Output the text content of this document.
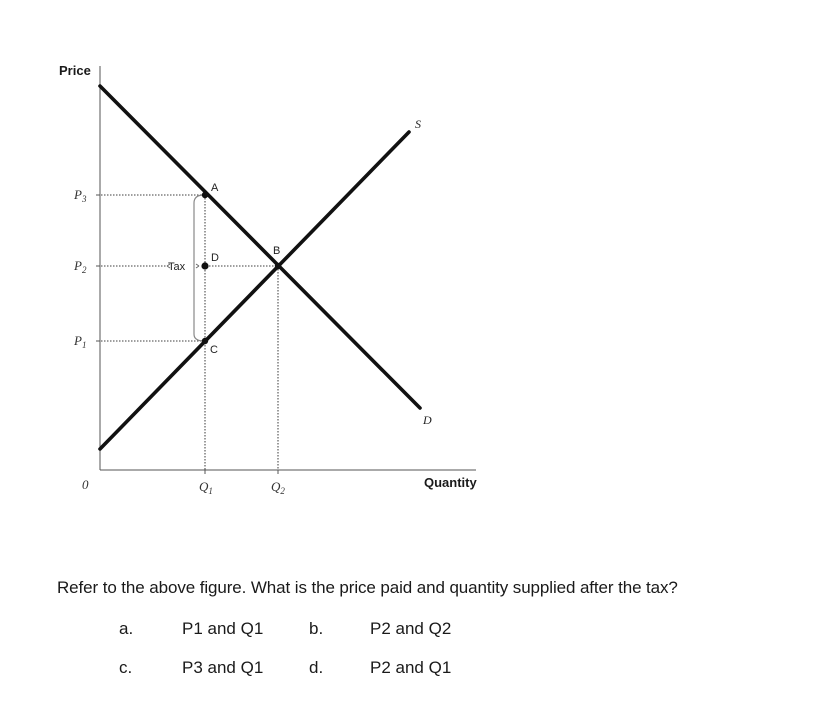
Price
Quantity
0
$P_3$
$P_2$
$P_1$
$Q_1$	$Q_2$
S
D
Tax
A
B
C
D
Refer to the above figure. What is the price paid and quantity supplied after the tax?
a.	P1 and Q1	b.	P2 and Q2
c.	P3 and Q1	d.	P2 and Q1
